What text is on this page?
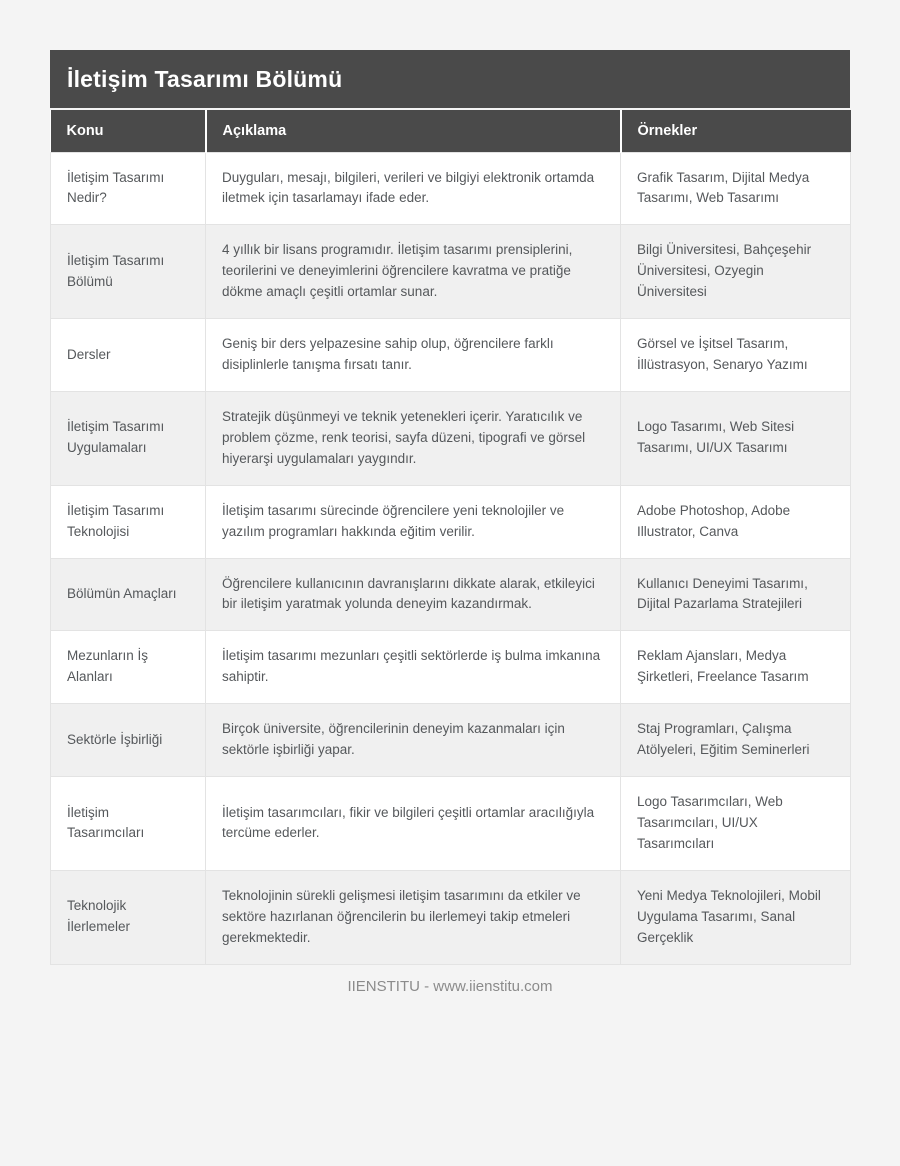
İletişim Tasarımı Bölümü
Konu	Açıklama	Örnekler
İletişim Tasarımı Nedir?	Duyguları, mesajı, bilgileri, verileri ve bilgiyi elektronik ortamda iletmek için tasarlamayı ifade eder.	Grafik Tasarım, Dijital Medya Tasarımı, Web Tasarımı
İletişim Tasarımı Bölümü	4 yıllık bir lisans programıdır. İletişim tasarımı prensiplerini, teorilerini ve deneyimlerini öğrencilere kavratma ve pratiğe dökme amaçlı çeşitli ortamlar sunar.	Bilgi Üniversitesi, Bahçeşehir Üniversitesi, Ozyegin Üniversitesi
Dersler	Geniş bir ders yelpazesine sahip olup, öğrencilere farklı disiplinlerle tanışma fırsatı tanır.	Görsel ve İşitsel Tasarım, İllüstrasyon, Senaryo Yazımı
İletişim Tasarımı Uygulamaları	Stratejik düşünmeyi ve teknik yetenekleri içerir. Yaratıcılık ve problem çözme, renk teorisi, sayfa düzeni, tipografi ve görsel hiyerarşi uygulamaları yaygındır.	Logo Tasarımı, Web Sitesi Tasarımı, UI/UX Tasarımı
İletişim Tasarımı Teknolojisi	İletişim tasarımı sürecinde öğrencilere yeni teknolojiler ve yazılım programları hakkında eğitim verilir.	Adobe Photoshop, Adobe Illustrator, Canva
Bölümün Amaçları	Öğrencilere kullanıcının davranışlarını dikkate alarak, etkileyici bir iletişim yaratmak yolunda deneyim kazandırmak.	Kullanıcı Deneyimi Tasarımı, Dijital Pazarlama Stratejileri
Mezunların İş Alanları	İletişim tasarımı mezunları çeşitli sektörlerde iş bulma imkanına sahiptir.	Reklam Ajansları, Medya Şirketleri, Freelance Tasarım
Sektörle İşbirliği	Birçok üniversite, öğrencilerinin deneyim kazanmaları için sektörle işbirliği yapar.	Staj Programları, Çalışma Atölyeleri, Eğitim Seminerleri
İletişim Tasarımcıları	İletişim tasarımcıları, fikir ve bilgileri çeşitli ortamlar aracılığıyla tercüme ederler.	Logo Tasarımcıları, Web Tasarımcıları, UI/UX Tasarımcıları
Teknolojik İlerlemeler	Teknolojinin sürekli gelişmesi iletişim tasarımını da etkiler ve sektöre hazırlanan öğrencilerin bu ilerlemeyi takip etmeleri gerekmektedir.	Yeni Medya Teknolojileri, Mobil Uygulama Tasarımı, Sanal Gerçeklik
IIENSTITU - www.iienstitu.com
